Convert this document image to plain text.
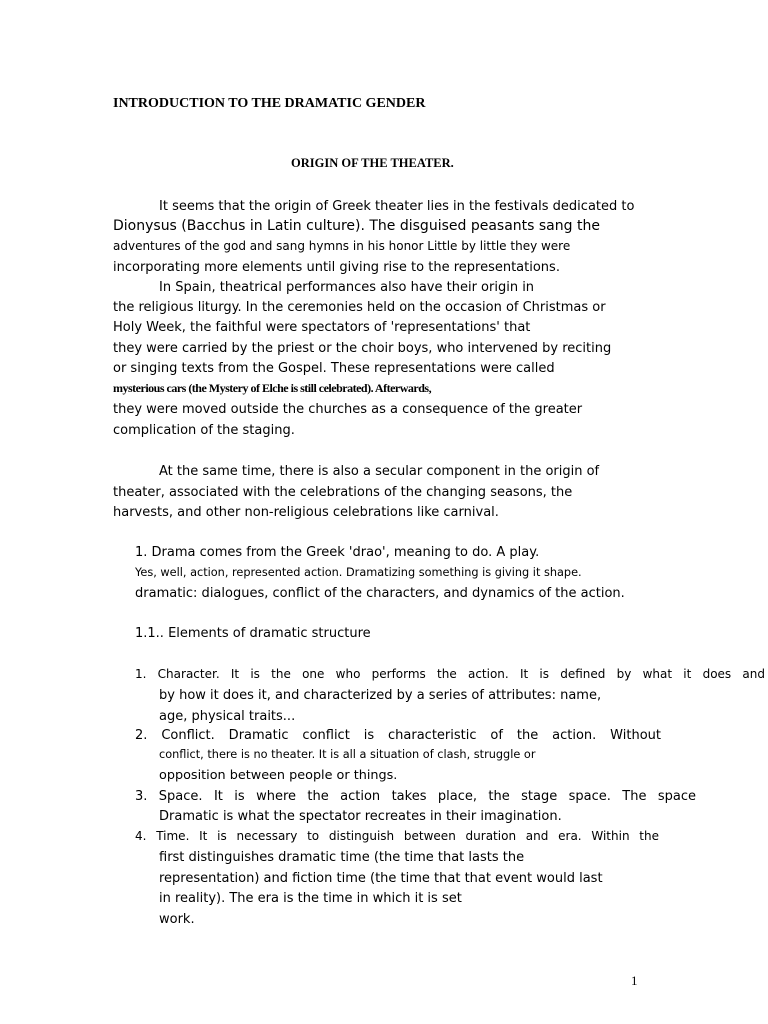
INTRODUCTION TO THE DRAMATIC GENDER
ORIGIN OF THE THEATER.
It seems that the origin of Greek theater lies in the festivals dedicated to
Dionysus (Bacchus in Latin culture). The disguised peasants sang the
adventures of the god and sang hymns in his honor Little by little they were
incorporating more elements until giving rise to the representations.
In Spain, theatrical performances also have their origin in
the religious liturgy. In the ceremonies held on the occasion of Christmas or
Holy Week, the faithful were spectators of 'representations' that
they were carried by the priest or the choir boys, who intervened by reciting
or singing texts from the Gospel. These representations were called
mysterious cars (the Mystery of Elche is still celebrated). Afterwards,
they were moved outside the churches as a consequence of the greater
complication of the staging.
At the same time, there is also a secular component in the origin of
theater, associated with the celebrations of the changing seasons, the
harvests, and other non-religious celebrations like carnival.
1. Drama comes from the Greek 'drao', meaning to do. A play.
Yes, well, action, represented action. Dramatizing something is giving it shape.
dramatic: dialogues, conflict of the characters, and dynamics of the action.
1.1.. Elements of dramatic structure
1. Character. It is the one who performs the action. It is defined by what it does and
by how it does it, and characterized by a series of attributes: name,
age, physical traits...
2. Conflict. Dramatic conflict is characteristic of the action. Without
conflict, there is no theater. It is all a situation of clash, struggle or
opposition between people or things.
3. Space. It is where the action takes place, the stage space. The space
Dramatic is what the spectator recreates in their imagination.
4. Time. It is necessary to distinguish between duration and era. Within the
first distinguishes dramatic time (the time that lasts the
representation) and fiction time (the time that that event would last
in reality). The era is the time in which it is set
work.
1
